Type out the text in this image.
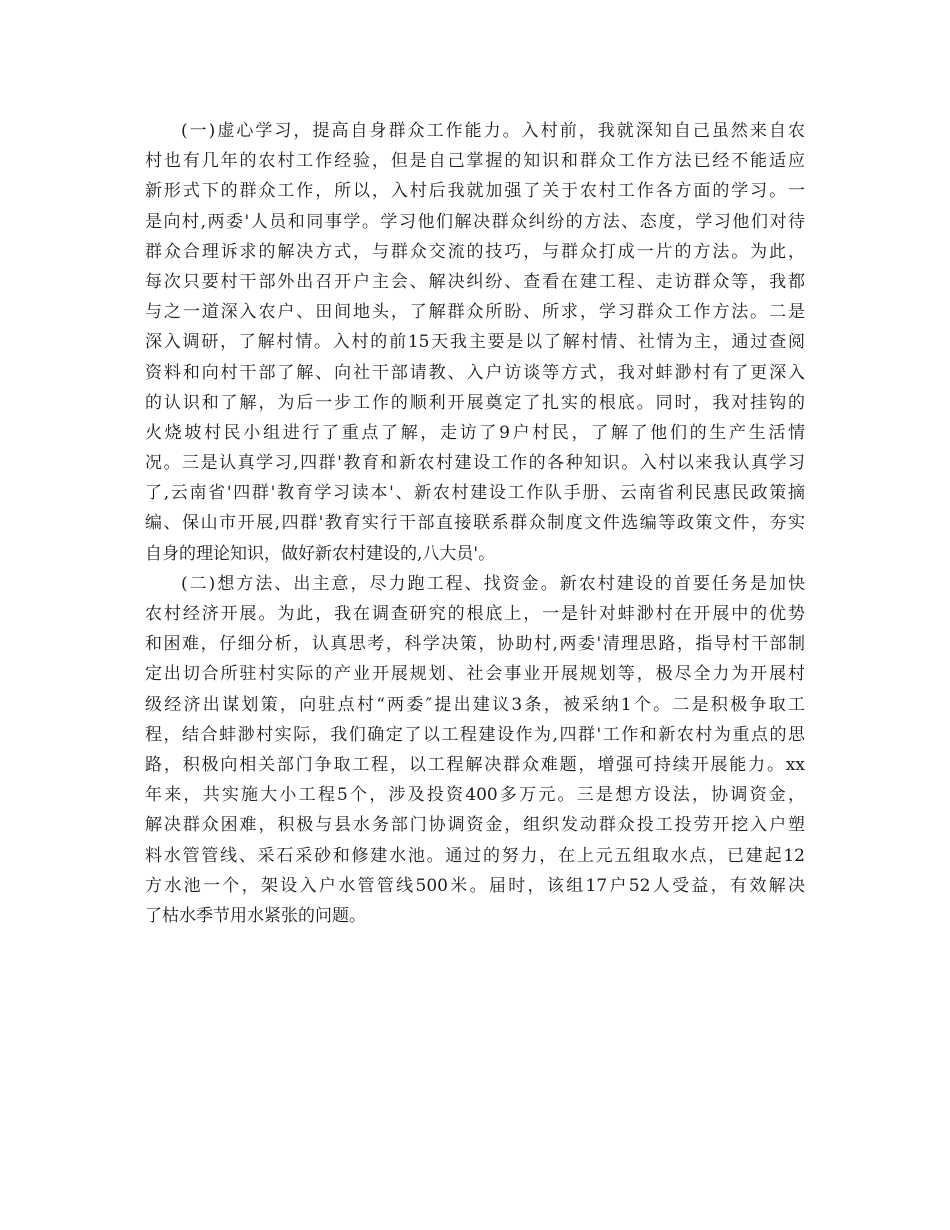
(一)虚心学习，提高自身群众工作能力。入村前，我就深知自己虽然来自农
村也有几年的农村工作经验，但是自己掌握的知识和群众工作方法已经不能适应
新形式下的群众工作，所以，入村后我就加强了关于农村工作各方面的学习。一
是向村,两委'人员和同事学。学习他们解决群众纠纷的方法、态度，学习他们对待
群众合理诉求的解决方式，与群众交流的技巧，与群众打成一片的方法。为此，
每次只要村干部外出召开户主会、解决纠纷、查看在建工程、走访群众等，我都
与之一道深入农户、田间地头，了解群众所盼、所求，学习群众工作方法。二是
深入调研，了解村情。入村的前15天我主要是以了解村情、社情为主，通过查阅
资料和向村干部了解、向社干部请教、入户访谈等方式，我对蚌渺村有了更深入
的认识和了解，为后一步工作的顺利开展奠定了扎实的根底。同时，我对挂钩的
火烧坡村民小组进行了重点了解，走访了9户村民，了解了他们的生产生活情
况。三是认真学习,四群'教育和新农村建设工作的各种知识。入村以来我认真学习
了,云南省'四群'教育学习读本'、新农村建设工作队手册、云南省利民惠民政策摘
编、保山市开展,四群'教育实行干部直接联系群众制度文件选编等政策文件，夯实
自身的理论知识，做好新农村建设的,八大员'。
(二)想方法、出主意，尽力跑工程、找资金。新农村建设的首要任务是加快
农村经济开展。为此，我在调查研究的根底上，一是针对蚌渺村在开展中的优势
和困难，仔细分析，认真思考，科学决策，协助村,两委'清理思路，指导村干部制
定出切合所驻村实际的产业开展规划、社会事业开展规划等，极尽全力为开展村
级经济出谋划策，向驻点村“两委″提出建议3条，被采纳1个。二是积极争取工
程，结合蚌渺村实际，我们确定了以工程建设作为,四群'工作和新农村为重点的思
路，积极向相关部门争取工程，以工程解决群众难题，增强可持续开展能力。xx
年来，共实施大小工程5个，涉及投资400多万元。三是想方设法，协调资金，
解决群众困难，积极与县水务部门协调资金，组织发动群众投工投劳开挖入户塑
料水管管线、采石采砂和修建水池。通过的努力，在上元五组取水点，已建起12
方水池一个，架设入户水管管线500米。届时，该组17户52人受益，有效解决
了枯水季节用水紧张的问题。
